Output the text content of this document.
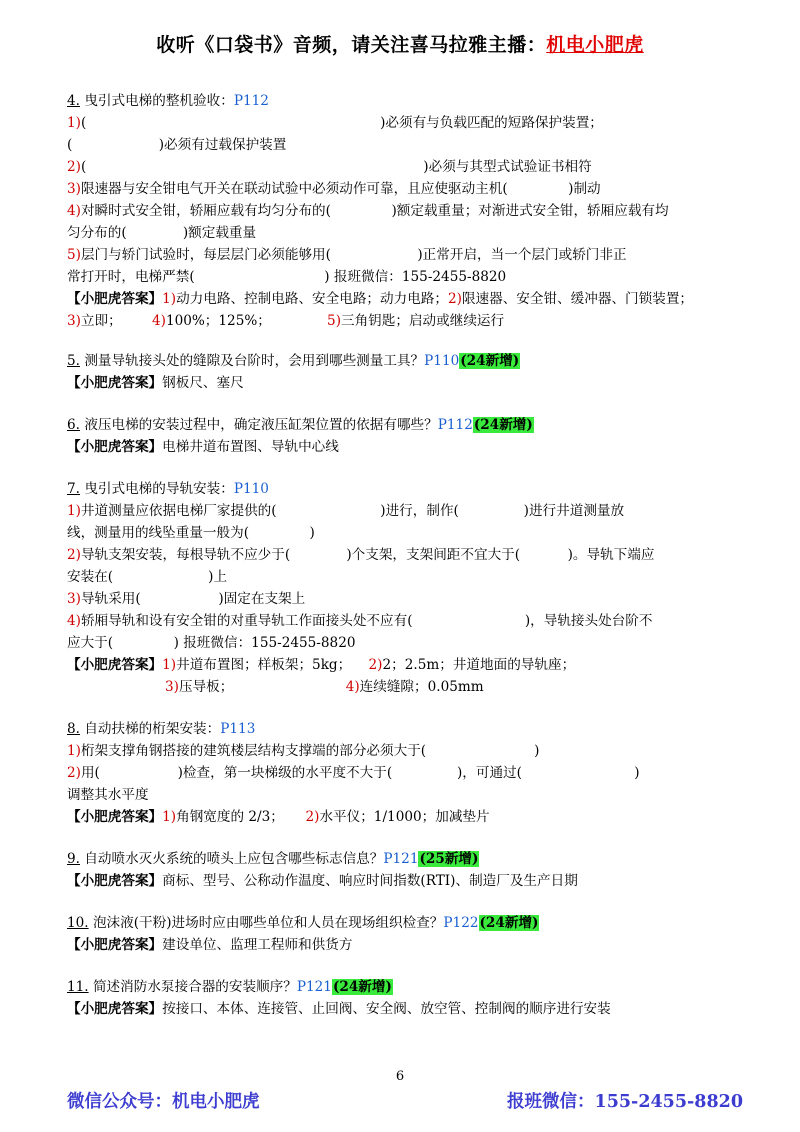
收听《口袋书》音频，请关注喜马拉雅主播：机电小肥虎
4. 曳引式电梯的整机验收：P112
1)(                                                                    )必须有与负载匹配的短路保护装置；
(                    )必须有过载保护装置
2)(                                                                              )必须与其型式试验证书相符
3)限速器与安全钳电气开关在联动试验中必须动作可靠，且应使驱动主机(              )制动
4)对瞬时式安全钳，轿厢应载有均匀分布的(              )额定载重量；对渐进式安全钳，轿厢应载有均
匀分布的(             )额定载重量
5)层门与轿门试验时，每层层门必须能够用(                    )正常开启，当一个层门或轿门非正
常打开时，电梯严禁(                              ) 报班微信：155-2455-8820
【小肥虎答案】1)动力电路、控制电路、安全电路；动力电路；2)限速器、安全钳、缓冲器、门锁装置；
3)立即； 4)100%；125%；	5)三角钥匙；启动或继续运行
5. 测量导轨接头处的缝隙及台阶时，会用到哪些测量工具？P110(24新增)
【小肥虎答案】钢板尺、塞尺
6. 液压电梯的安装过程中，确定液压缸架位置的依据有哪些？P112(24新增)
【小肥虎答案】电梯井道布置图、导轨中心线
7. 曳引式电梯的导轨安装：P110
1)井道测量应依据电梯厂家提供的(                        )进行，制作(               )进行井道测量放
线，测量用的线坠重量一般为(              )
2)导轨支架安装，每根导轨不应少于(             )个支架，支架间距不宜大于(           )。导轨下端应
安装在(                      )上
3)导轨采用(                  )固定在支架上
4)轿厢导轨和设有安全钳的对重导轨工作面接头处不应有(                          )，导轨接头处台阶不
应大于(              ) 报班微信：155-2455-8820
【小肥虎答案】1)井道布置图；样板架；5kg； 2)2；2.5m；井道地面的导轨座；
3)压导板；	4)连续缝隙；0.05mm
8. 自动扶梯的桁架安装：P113
1)桁架支撑角钢搭接的建筑楼层结构支撑端的部分必须大于(                         )
2)用(                  )检查，第一块梯级的水平度不大于(               )，可通过(                          )
调整其水平度
【小肥虎答案】1)角钢宽度的 2/3； 2)水平仪；1/1000；加减垫片
9. 自动喷水灭火系统的喷头上应包含哪些标志信息？P121(25新增)
【小肥虎答案】商标、型号、公称动作温度、响应时间指数(RTI)、制造厂及生产日期
10. 泡沫液(干粉)进场时应由哪些单位和人员在现场组织检查？P122(24新增)
【小肥虎答案】建设单位、监理工程师和供货方
11. 简述消防水泵接合器的安装顺序？P121(24新增)
【小肥虎答案】按接口、本体、连接管、止回阀、安全阀、放空管、控制阀的顺序进行安装
6
微信公众号：机电小肥虎	报班微信：155-2455-8820
